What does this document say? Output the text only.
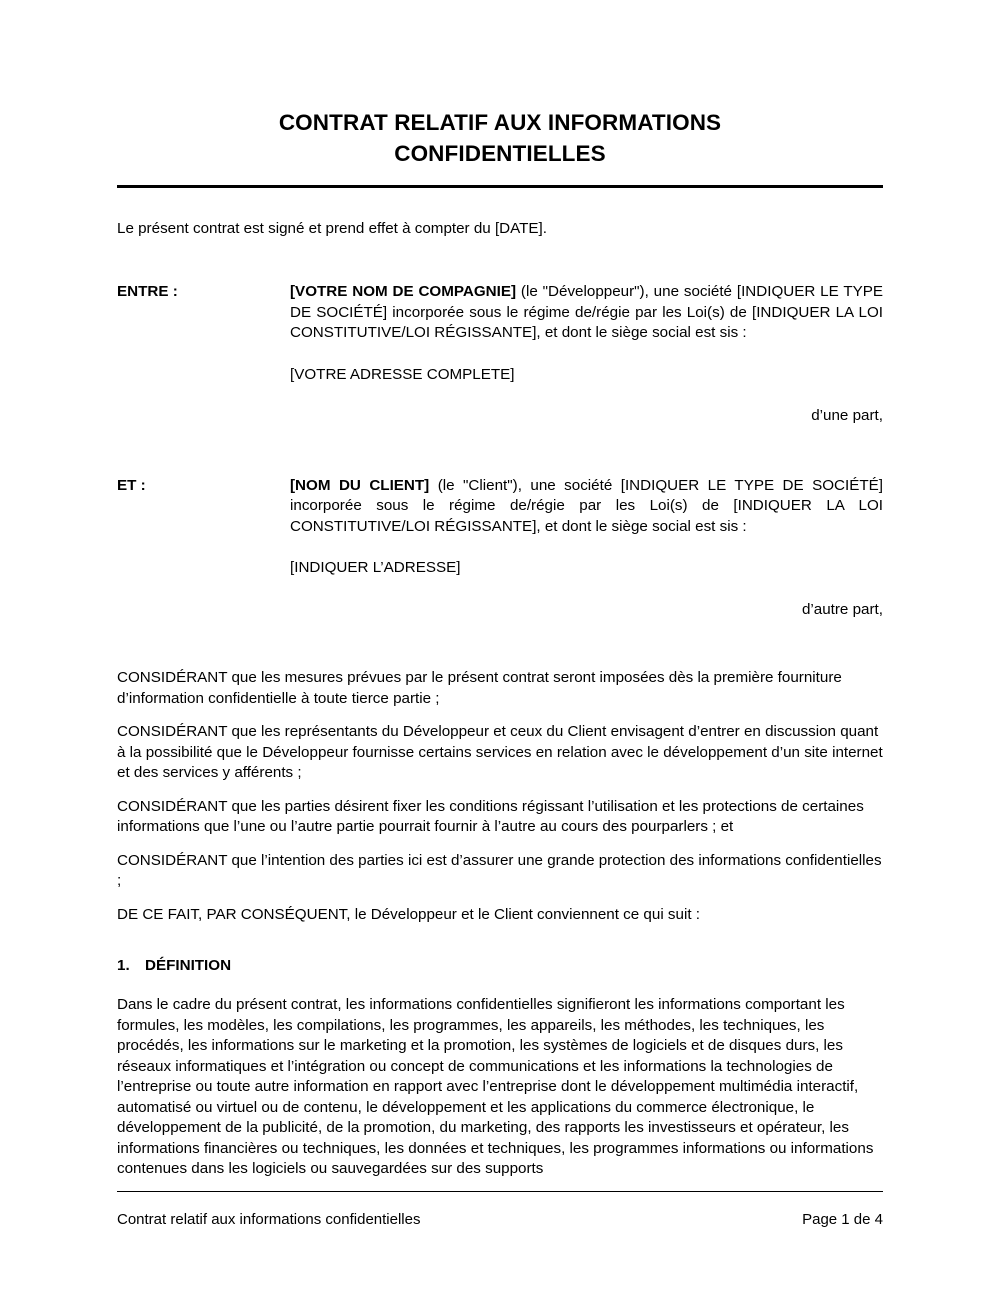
CONTRAT RELATIF AUX INFORMATIONS
CONFIDENTIELLES

Le présent contrat est signé et prend effet à compter du [DATE].

ENTRE :	[VOTRE NOM DE COMPAGNIE] (le "Développeur"), une société [INDIQUER LE TYPE DE SOCIÉTÉ] incorporée sous le régime de/régie par les Loi(s) de [INDIQUER LA LOI CONSTITUTIVE/LOI RÉGISSANTE], et dont le siège social est sis :

[VOTRE ADRESSE COMPLETE]

d’une part,

ET :	[NOM DU CLIENT] (le "Client"), une société [INDIQUER LE TYPE DE SOCIÉTÉ] incorporée sous le régime de/régie par les Loi(s) de [INDIQUER LA LOI CONSTITUTIVE/LOI RÉGISSANTE], et dont le siège social est sis :

[INDIQUER L’ADRESSE]

d’autre part,

CONSIDÉRANT que les mesures prévues par le présent contrat seront imposées dès la première fourniture d’information confidentielle à toute tierce partie ;

CONSIDÉRANT que les représentants du Développeur et ceux du Client envisagent d’entrer en discussion quant à la possibilité que le Développeur fournisse certains services en relation avec le développement d’un site internet et des services y afférents ;

CONSIDÉRANT que les parties désirent fixer les conditions régissant l’utilisation et les protections de certaines informations que l’une ou l’autre partie pourrait fournir à l’autre au cours des pourparlers ; et

CONSIDÉRANT que l’intention des parties ici est d’assurer une grande protection des informations confidentielles ;

DE CE FAIT, PAR CONSÉQUENT, le Développeur et le Client conviennent ce qui suit :

1.	DÉFINITION

Dans le cadre du présent contrat, les informations confidentielles signifieront les informations comportant les formules, les modèles, les compilations, les programmes, les appareils, les méthodes, les techniques, les procédés, les informations sur le marketing et la promotion, les systèmes de logiciels et de disques durs, les réseaux informatiques et l’intégration ou concept de communications et les informations la technologies de l’entreprise ou toute autre information en rapport avec l’entreprise dont le développement multimédia interactif, automatisé ou virtuel ou de contenu, le développement et les applications du commerce électronique, le développement de la publicité, de la promotion, du marketing, des rapports les investisseurs et opérateur, les informations financières ou techniques, les données et techniques, les programmes informations ou informations contenues dans les logiciels ou sauvegardées sur des supports

Contrat relatif aux informations confidentielles	Page 1 de 4
